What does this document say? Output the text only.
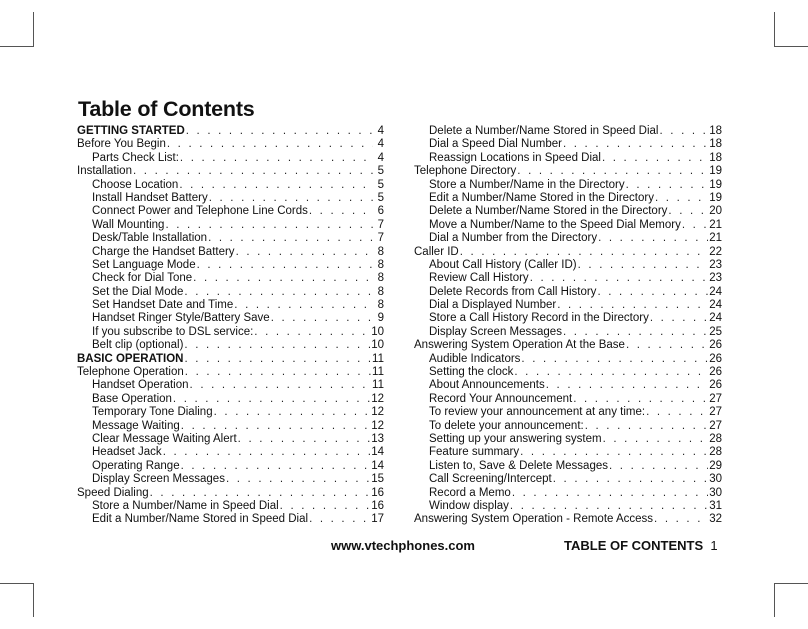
Table of Contents
GETTING STARTED . . .	4
Before You Begin . . .	4
Parts Check List: . . .	4
Installation . . .	5
Choose Location . . .	5
Install Handset Battery . . .	5
Connect Power and Telephone Line Cords . . .	6
Wall Mounting . . .	7
Desk/Table Installation . . .	7
Charge the Handset Battery . . .	8
Set Language Mode . . .	8
Check for Dial Tone . . .	8
Set the Dial Mode . . .	8
Set Handset Date and Time . . .	8
Handset Ringer Style/Battery Save . . .	9
If you subscribe to DSL service: . . .	10
Belt clip (optional) . . .	10
BASIC OPERATION . . .	11
Telephone Operation . . .	11
Handset Operation . . .	11
Base Operation . . .	12
Temporary Tone Dialing . . .	12
Message Waiting . . .	12
Clear Message Waiting Alert . . .	13
Headset Jack . . .	14
Operating Range . . .	14
Display Screen Messages . . .	15
Speed Dialing . . .	16
Store a Number/Name in Speed Dial . . .	16
Edit a Number/Name Stored in Speed Dial . . .	17
Delete a Number/Name Stored in Speed Dial . . .	18
Dial a Speed Dial Number . . .	18
Reassign Locations in Speed Dial . . .	18
Telephone Directory . . .	19
Store a Number/Name in the Directory . . .	19
Edit a Number/Name Stored in the Directory . . .	19
Delete a Number/Name Stored in the Directory . . .	20
Move a Number/Name to the Speed Dial Memory . . . 21
Dial a Number from the Directory . . .	21
Caller ID . . .	22
About Call History (Caller ID) . . .	23
Review Call History . . .	23
Delete Records from Call History . . .	24
Dial a Displayed Number . . .	24
Store a Call History Record in the Directory . . .	24
Display Screen Messages . . .	25
Answering System Operation At the Base . . .	26
Audible Indicators . . .	26
Setting the clock . . .	26
About Announcements . . .	26
Record Your Announcement . . .	27
To review your announcement at any time: . . .	27
To delete your announcement: . . .	27
Setting up your answering system . . .	28
Feature summary . . .	28
Listen to, Save & Delete Messages . . .	29
Call Screening/Intercept . . .	30
Record a Memo . . .	30
Window display . . .	31
Answering System Operation - Remote Access . . .	32
www.vtechphones.com	TABLE OF CONTENTS 1
